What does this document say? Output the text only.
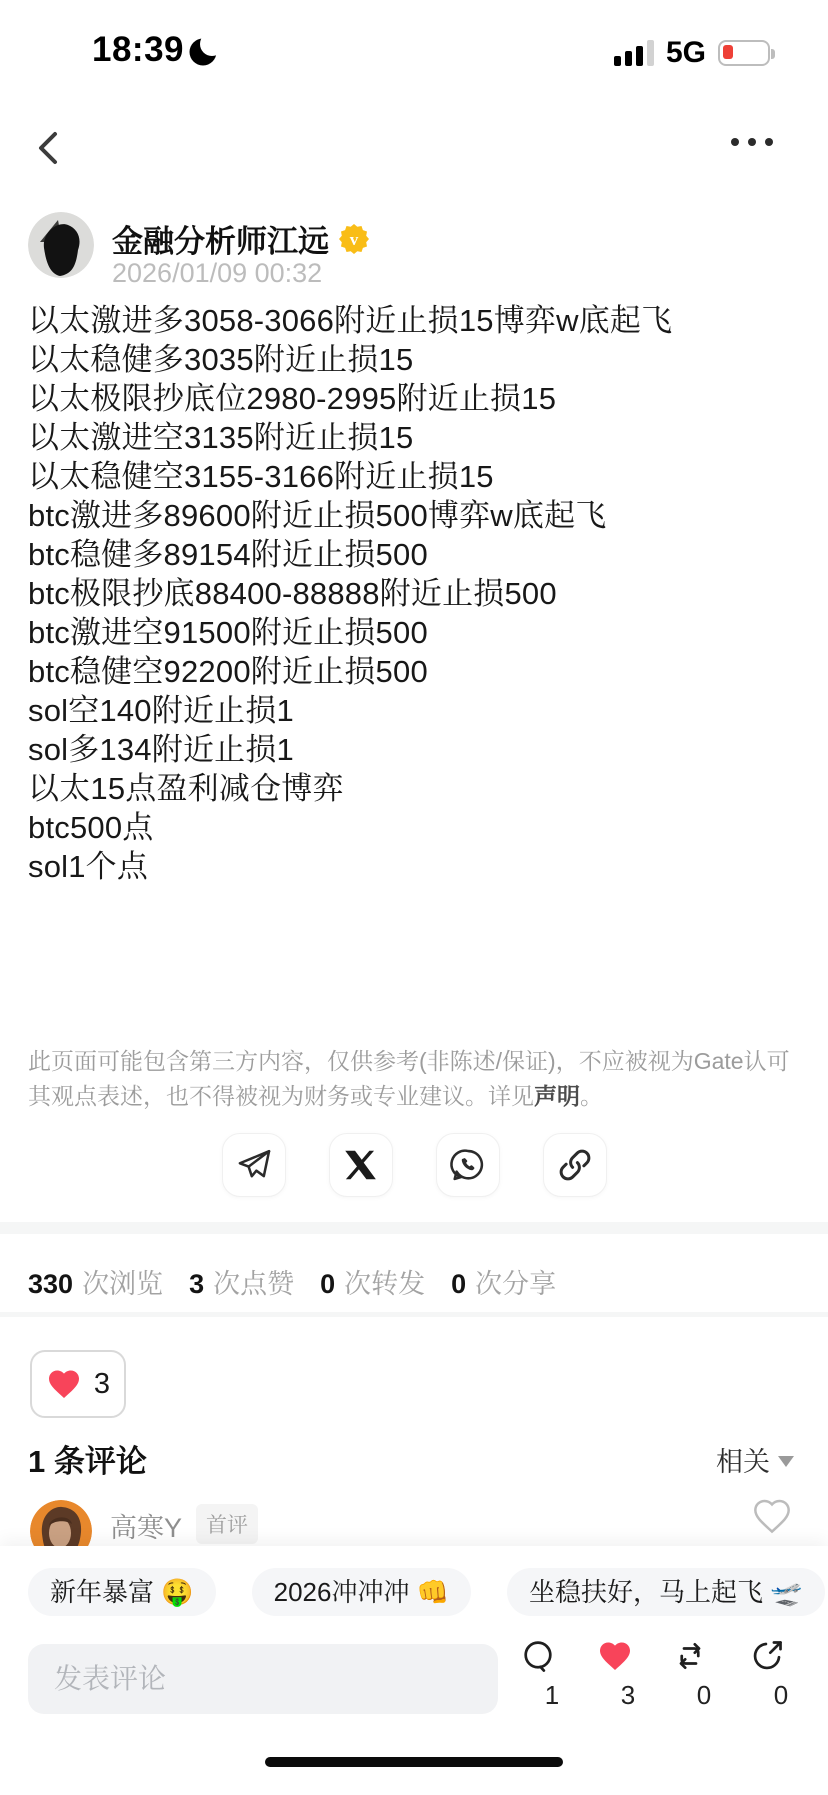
18:39	5G
金融分析师江远 v
2026/01/09 00:32
以太激进多3058-3066附近止损15博弈w底起飞
以太稳健多3035附近止损15
以太极限抄底位2980-2995附近止损15
以太激进空3135附近止损15
以太稳健空3155-3166附近止损15
btc激进多89600附近止损500博弈w底起飞
btc稳健多89154附近止损500
btc极限抄底88400-88888附近止损500
btc激进空91500附近止损500
btc稳健空92200附近止损500
sol空140附近止损1
sol多134附近止损1
以太15点盈利减仓博弈
btc500点
sol1个点

此页面可能包含第三方内容，仅供参考(非陈述/保证)，不应被视为Gate认可其观点表述，也不得被视为财务或专业建议。详见声明。

330 次浏览 3 次点赞 0 次转发 0 次分享
3
1 条评论	相关
高寒Y	首评
新年暴富 🤑	2026冲冲冲 👊	坐稳扶好，马上起飞 🛫
发表评论
1	3	0	0
